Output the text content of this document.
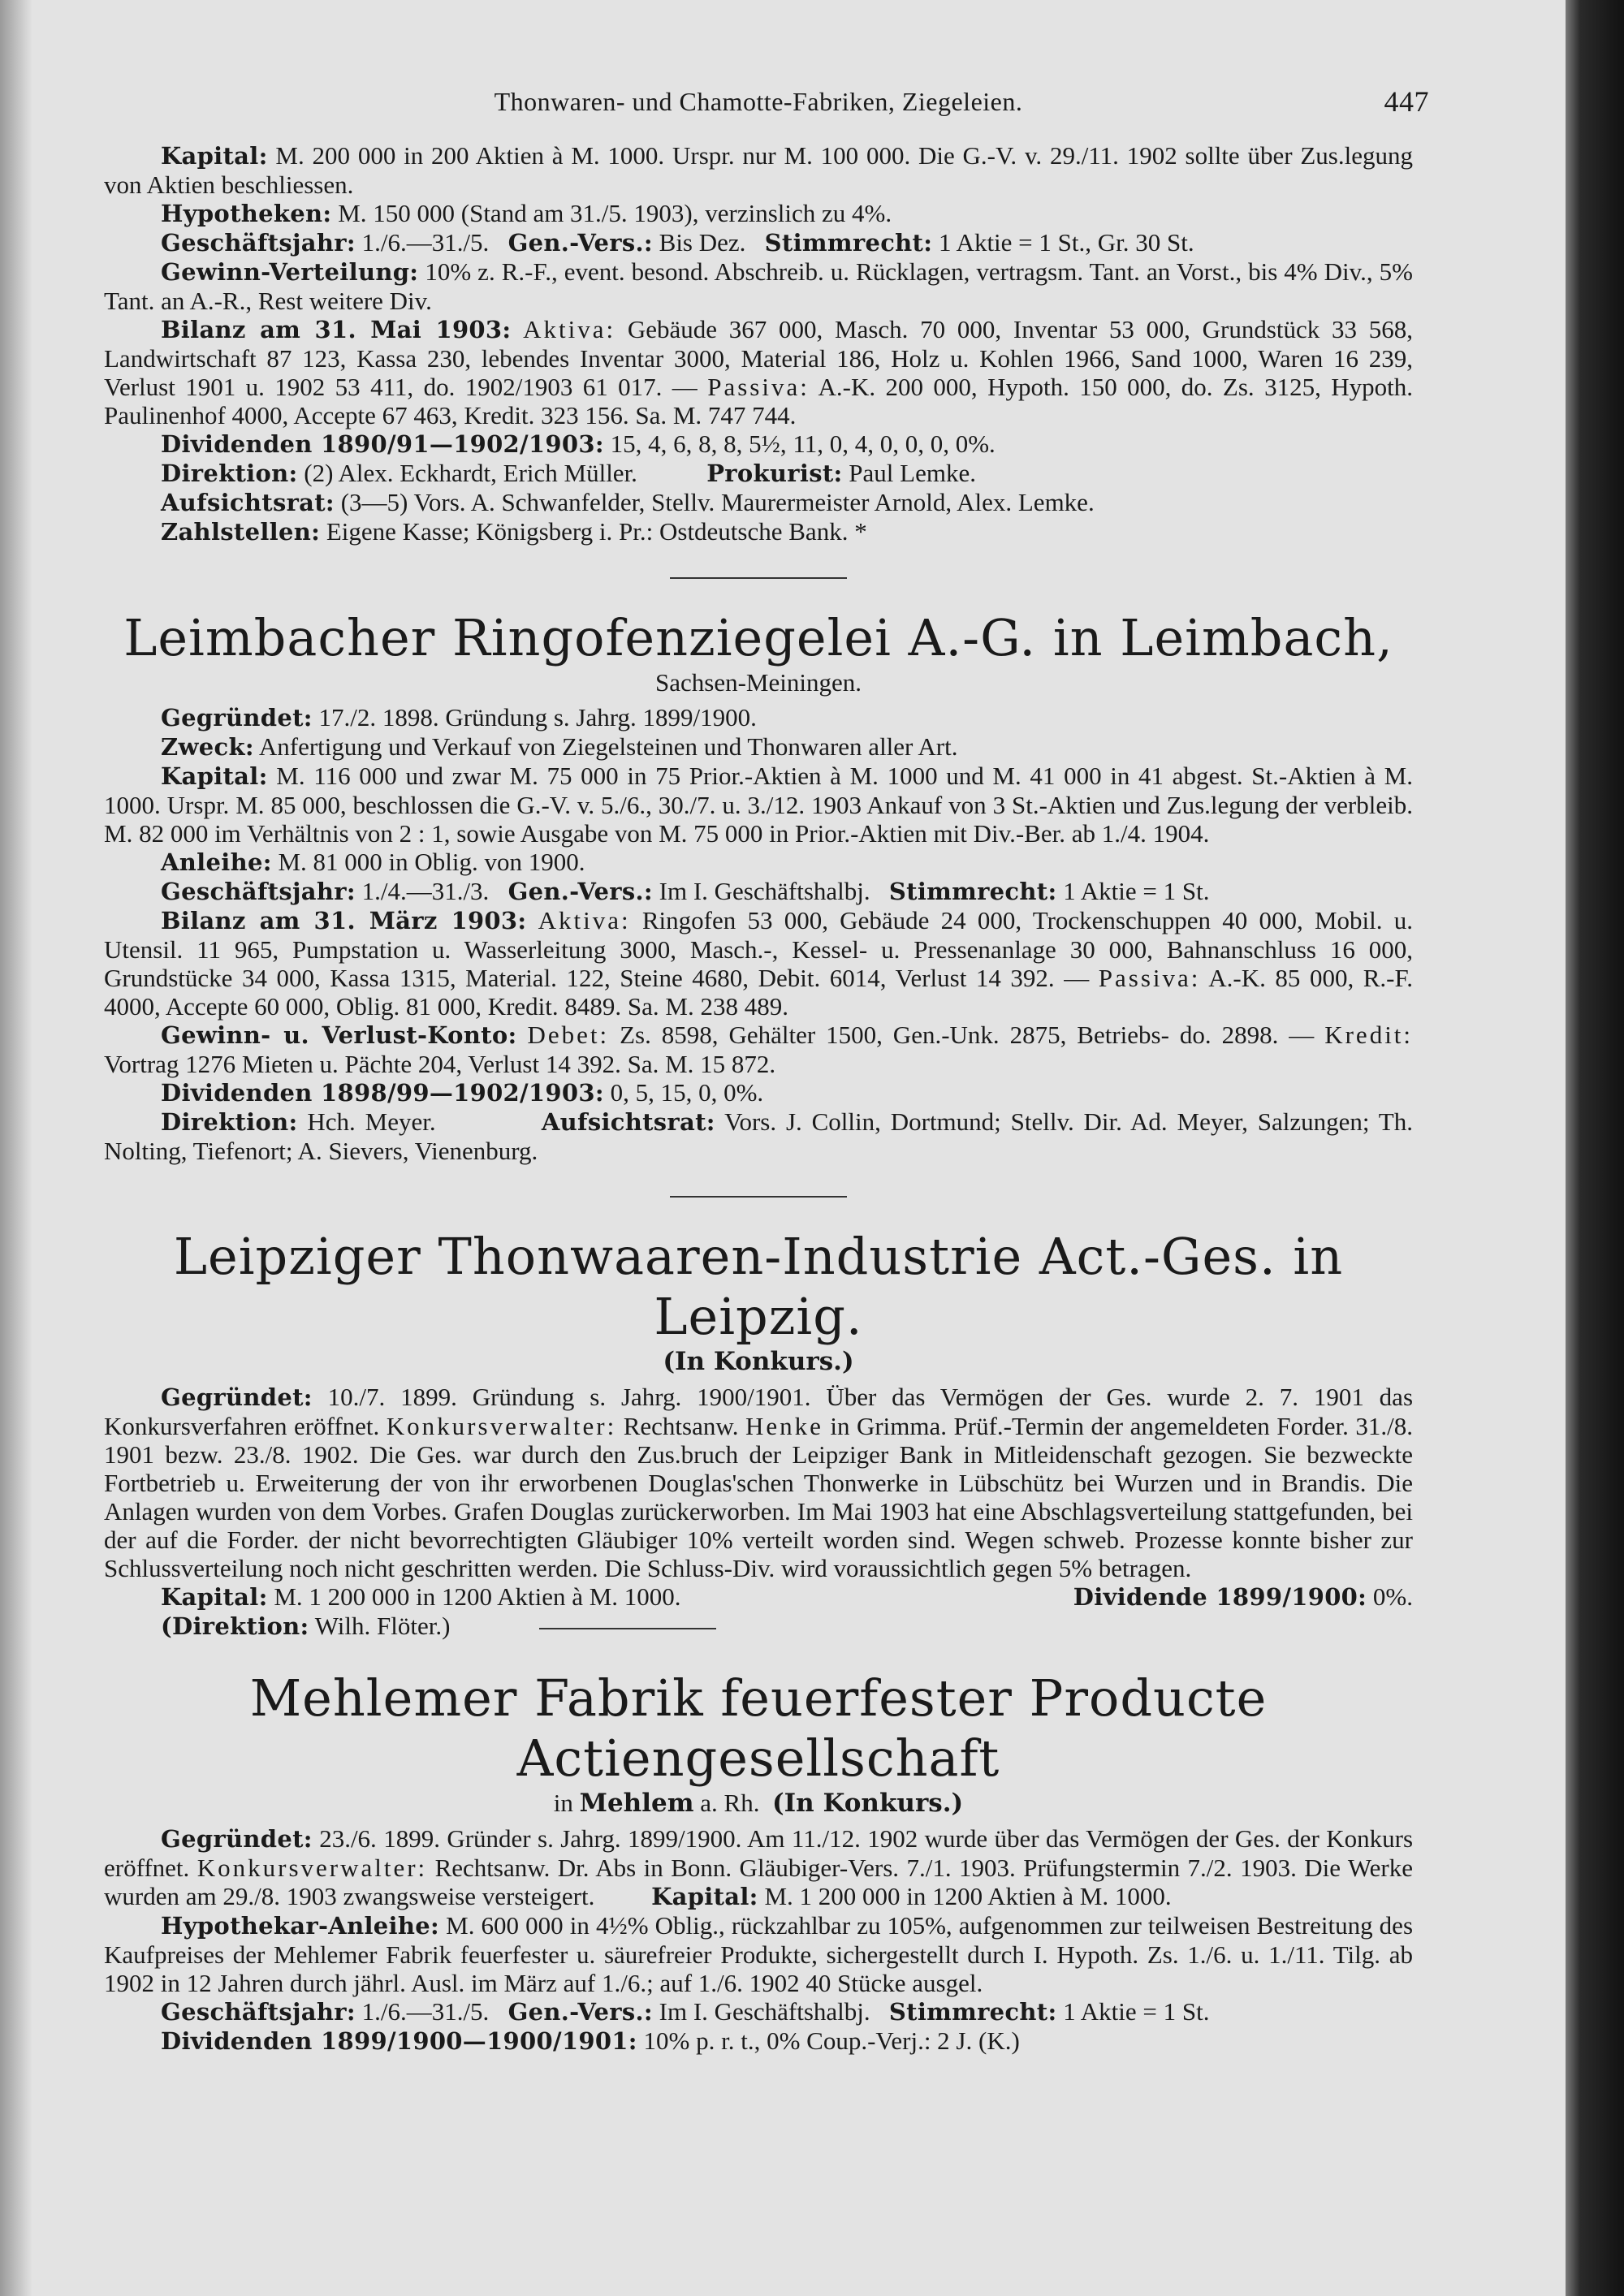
Thonwaren- und Chamotte-Fabriken, Ziegeleien.	447

Kapital: M. 200 000 in 200 Aktien à M. 1000. Urspr. nur M. 100 000. Die G.-V. v. 29./11. 1902 sollte über Zus.legung von Aktien beschliessen.

Hypotheken: M. 150 000 (Stand am 31./5. 1903), verzinslich zu 4%.

Geschäftsjahr: 1./6.—31./5. Gen.-Vers.: Bis Dez. Stimmrecht: 1 Aktie = 1 St., Gr. 30 St.

Gewinn-Verteilung: 10% z. R.-F., event. besond. Abschreib. u. Rücklagen, vertragsm. Tant. an Vorst., bis 4% Div., 5% Tant. an A.-R., Rest weitere Div.

Bilanz am 31. Mai 1903: Aktiva: Gebäude 367 000, Masch. 70 000, Inventar 53 000, Grundstück 33 568, Landwirtschaft 87 123, Kassa 230, lebendes Inventar 3000, Material 186, Holz u. Kohlen 1966, Sand 1000, Waren 16 239, Verlust 1901 u. 1902 53 411, do. 1902/1903 61 017. — Passiva: A.-K. 200 000, Hypoth. 150 000, do. Zs. 3125, Hypoth. Paulinenhof 4000, Accepte 67 463, Kredit. 323 156. Sa. M. 747 744.

Dividenden 1890/91—1902/1903: 15, 4, 6, 8, 8, 5½, 11, 0, 4, 0, 0, 0, 0%.

Direktion: (2) Alex. Eckhardt, Erich Müller.	Prokurist: Paul Lemke.

Aufsichtsrat: (3—5) Vors. A. Schwanfelder, Stellv. Maurermeister Arnold, Alex. Lemke.

Zahlstellen: Eigene Kasse; Königsberg i. Pr.: Ostdeutsche Bank. *

Leimbacher Ringofenziegelei A.-G. in Leimbach,
Sachsen-Meiningen.

Gegründet: 17./2. 1898. Gründung s. Jahrg. 1899/1900.

Zweck: Anfertigung und Verkauf von Ziegelsteinen und Thonwaren aller Art.

Kapital: M. 116 000 und zwar M. 75 000 in 75 Prior.-Aktien à M. 1000 und M. 41 000 in 41 abgest. St.-Aktien à M. 1000. Urspr. M. 85 000, beschlossen die G.-V. v. 5./6., 30./7. u. 3./12. 1903 Ankauf von 3 St.-Aktien und Zus.legung der verbleib. M. 82 000 im Verhältnis von 2 : 1, sowie Ausgabe von M. 75 000 in Prior.-Aktien mit Div.-Ber. ab 1./4. 1904.

Anleihe: M. 81 000 in Oblig. von 1900.

Geschäftsjahr: 1./4.—31./3. Gen.-Vers.: Im I. Geschäftshalbj. Stimmrecht: 1 Aktie = 1 St.

Bilanz am 31. März 1903: Aktiva: Ringofen 53 000, Gebäude 24 000, Trockenschuppen 40 000, Mobil. u. Utensil. 11 965, Pumpstation u. Wasserleitung 3000, Masch.-, Kessel- u. Pressenanlage 30 000, Bahnanschluss 16 000, Grundstücke 34 000, Kassa 1315, Material. 122, Steine 4680, Debit. 6014, Verlust 14 392. — Passiva: A.-K. 85 000, R.-F. 4000, Accepte 60 000, Oblig. 81 000, Kredit. 8489. Sa. M. 238 489.

Gewinn- u. Verlust-Konto: Debet: Zs. 8598, Gehälter 1500, Gen.-Unk. 2875, Betriebs- do. 2898. — Kredit: Vortrag 1276 Mieten u. Pächte 204, Verlust 14 392. Sa. M. 15 872.

Dividenden 1898/99—1902/1903: 0, 5, 15, 0, 0%.

Direktion: Hch. Meyer.	Aufsichtsrat: Vors. J. Collin, Dortmund; Stellv. Dir. Ad. Meyer, Salzungen; Th. Nolting, Tiefenort; A. Sievers, Vienenburg.

Leipziger Thonwaaren-Industrie Act.-Ges. in Leipzig.
(In Konkurs.)

Gegründet: 10./7. 1899. Gründung s. Jahrg. 1900/1901. Über das Vermögen der Ges. wurde 2. 7. 1901 das Konkursverfahren eröffnet. Konkursverwalter: Rechtsanw. Henke in Grimma. Prüf.-Termin der angemeldeten Forder. 31./8. 1901 bezw. 23./8. 1902. Die Ges. war durch den Zus.bruch der Leipziger Bank in Mitleidenschaft gezogen. Sie bezweckte Fortbetrieb u. Erweiterung der von ihr erworbenen Douglas'schen Thonwerke in Lübschütz bei Wurzen und in Brandis. Die Anlagen wurden von dem Vorbes. Grafen Douglas zurückerworben. Im Mai 1903 hat eine Abschlagsverteilung stattgefunden, bei der auf die Forder. der nicht bevorrechtigten Gläubiger 10% verteilt worden sind. Wegen schweb. Prozesse konnte bisher zur Schlussverteilung noch nicht geschritten werden. Die Schluss-Div. wird voraussichtlich gegen 5% betragen.

Kapital: M. 1 200 000 in 1200 Aktien à M. 1000.	Dividende 1899/1900: 0%.

(Direktion: Wilh. Flöter.)

Mehlemer Fabrik feuerfester Producte Actiengesellschaft
in Mehlem a. Rh. (In Konkurs.)

Gegründet: 23./6. 1899. Gründer s. Jahrg. 1899/1900. Am 11./12. 1902 wurde über das Vermögen der Ges. der Konkurs eröffnet. Konkursverwalter: Rechtsanw. Dr. Abs in Bonn. Gläubiger-Vers. 7./1. 1903. Prüfungstermin 7./2. 1903. Die Werke wurden am 29./8. 1903 zwangsweise versteigert. Kapital: M. 1 200 000 in 1200 Aktien à M. 1000.

Hypothekar-Anleihe: M. 600 000 in 4½% Oblig., rückzahlbar zu 105%, aufgenommen zur teilweisen Bestreitung des Kaufpreises der Mehlemer Fabrik feuerfester u. säurefreier Produkte, sichergestellt durch I. Hypoth. Zs. 1./6. u. 1./11. Tilg. ab 1902 in 12 Jahren durch jährl. Ausl. im März auf 1./6.; auf 1./6. 1902 40 Stücke ausgel.

Geschäftsjahr: 1./6.—31./5. Gen.-Vers.: Im I. Geschäftshalbj. Stimmrecht: 1 Aktie = 1 St.

Dividenden 1899/1900—1900/1901: 10% p. r. t., 0% Coup.-Verj.: 2 J. (K.)
